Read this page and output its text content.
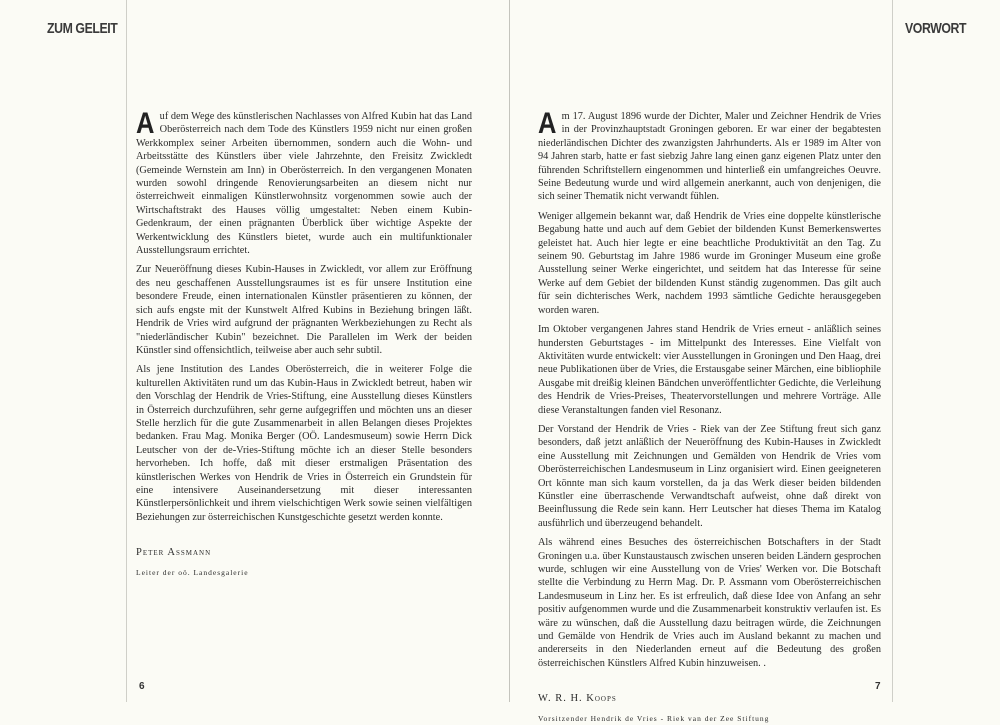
ZUM GELEIT	VORWORT

Auf dem Wege des künstlerischen Nachlasses von Alfred Kubin hat das Land Oberösterreich nach dem Tode des Künstlers 1959 nicht nur einen großen Werkkomplex seiner Arbeiten übernommen, sondern auch die Wohn- und Arbeitsstätte des Künstlers über viele Jahrzehnte, den Freisitz Zwickledt (Gemeinde Wernstein am Inn) in Oberösterreich. In den vergangenen Monaten wurden sowohl dringende Renovierungsarbeiten an diesem nicht nur österreichweit einmaligen Künstlerwohnsitz vorgenommen sowie auch der Wirtschaftstrakt des Hauses völlig umgestaltet: Neben einem Kubin-Gedenkraum, der einen prägnanten Überblick über wichtige Aspekte der Werkentwicklung des Künstlers bietet, wurde auch ein multifunktionaler Ausstellungsraum errichtet.

Zur Neueröffnung dieses Kubin-Hauses in Zwickledt, vor allem zur Eröffnung des neu geschaffenen Ausstellungsraumes ist es für unsere Institution eine besondere Freude, einen internationalen Künstler präsentieren zu können, der sich aufs engste mit der Kunstwelt Alfred Kubins in Beziehung bringen läßt. Hendrik de Vries wird aufgrund der prägnanten Werkbeziehungen zu Recht als "niederländischer Kubin" bezeichnet. Die Parallelen im Werk der beiden Künstler sind offensichtlich, teilweise aber auch sehr subtil.

Als jene Institution des Landes Oberösterreich, die in weiterer Folge die kulturellen Aktivitäten rund um das Kubin-Haus in Zwickledt betreut, haben wir den Vorschlag der Hendrik de Vries-Stiftung, eine Ausstellung dieses Künstlers in Österreich durchzuführen, sehr gerne aufgegriffen und möchten uns an dieser Stelle herzlich für die gute Zusammenarbeit in allen Belangen dieses Projektes bedanken. Frau Mag. Monika Berger (OÖ. Landesmuseum) sowie Herrn Dick Leutscher von der de-Vries-Stiftung möchte ich an dieser Stelle besonders hervorheben. Ich hoffe, daß mit dieser erstmaligen Präsentation des künstlerischen Werkes von Hendrik de Vries in Österreich ein Grundstein für eine intensivere Auseinandersetzung mit dieser interessanten Künstlerpersönlichkeit und ihrem vielschichtigen Werk sowie seinen vielfältigen Beziehungen zur österreichischen Kunstgeschichte gesetzt werden konnte.

Peter Assmann
Leiter der oö. Landesgalerie

Am 17. August 1896 wurde der Dichter, Maler und Zeichner Hendrik de Vries in der Provinzhauptstadt Groningen geboren. Er war einer der begabtesten niederländischen Dichter des zwanzigsten Jahrhunderts. Als er 1989 im Alter von 94 Jahren starb, hatte er fast siebzig Jahre lang einen ganz eigenen Platz unter den führenden Schriftstellern eingenommen und hinterließ ein umfangreiches Oeuvre. Seine Bedeutung wurde und wird allgemein anerkannt, auch von denjenigen, die sich seiner Thematik nicht verwandt fühlen.

Weniger allgemein bekannt war, daß Hendrik de Vries eine doppelte künstlerische Begabung hatte und auch auf dem Gebiet der bildenden Kunst Bemerkenswertes geleistet hat. Auch hier legte er eine beachtliche Produktivität an den Tag. Zu seinem 90. Geburtstag im Jahre 1986 wurde im Groninger Museum eine große Ausstellung seiner Werke eingerichtet, und seitdem hat das Interesse für seine Werke auf dem Gebiet der bildenden Kunst ständig zugenommen. Das gilt auch für sein dichterisches Werk, nachdem 1993 sämtliche Gedichte herausgegeben worden waren.

Im Oktober vergangenen Jahres stand Hendrik de Vries erneut - anläßlich seines hundersten Geburtstages - im Mittelpunkt des Interesses. Eine Vielfalt von Aktivitäten wurde entwickelt: vier Ausstellungen in Groningen und Den Haag, drei neue Publikationen über de Vries, die Erstausgabe seiner Märchen, eine bibliophile Ausgabe mit dreißig kleinen Bändchen unveröffentlichter Gedichte, die Verleihung des Hendrik de Vries-Preises, Theatervorstellungen und mehrere Vorträge. Alle diese Veranstaltungen fanden viel Resonanz.

Der Vorstand der Hendrik de Vries - Riek van der Zee Stiftung freut sich ganz besonders, daß jetzt anläßlich der Neueröffnung des Kubin-Hauses in Zwickledt eine Ausstellung mit Zeichnungen und Gemälden von Hendrik de Vries vom Oberösterreichischen Landesmuseum in Linz organisiert wird. Einen geeigneteren Ort könnte man sich kaum vorstellen, da ja das Werk dieser beiden bildenden Künstler eine überraschende Verwandtschaft aufweist, ohne daß direkt von Beeinflussung die Rede sein kann. Herr Leutscher hat dieses Thema im Katalog ausführlich und überzeugend behandelt.

Als während eines Besuches des österreichischen Botschafters in der Stadt Groningen u.a. über Kunstaustausch zwischen unseren beiden Ländern gesprochen wurde, schlugen wir eine Ausstellung von de Vries' Werken vor. Die Botschaft stellte die Verbindung zu Herrn Mag. Dr. P. Assmann vom Oberösterreichischen Landesmuseum in Linz her. Es ist erfreulich, daß diese Idee von Anfang an sehr positiv aufgenommen wurde und die Zusammenarbeit konstruktiv verlaufen ist. Es wäre zu wünschen, daß die Ausstellung dazu beitragen würde, die Zeichnungen und Gemälde von Hendrik de Vries auch im Ausland bekannt zu machen und andererseits in den Niederlanden erneut auf die Bedeutung des großen österreichischen Künstlers Alfred Kubin hinzuweisen. .

W. R. H. Koops
Vorsitzender Hendrik de Vries - Riek van der Zee Stiftung
6	7
